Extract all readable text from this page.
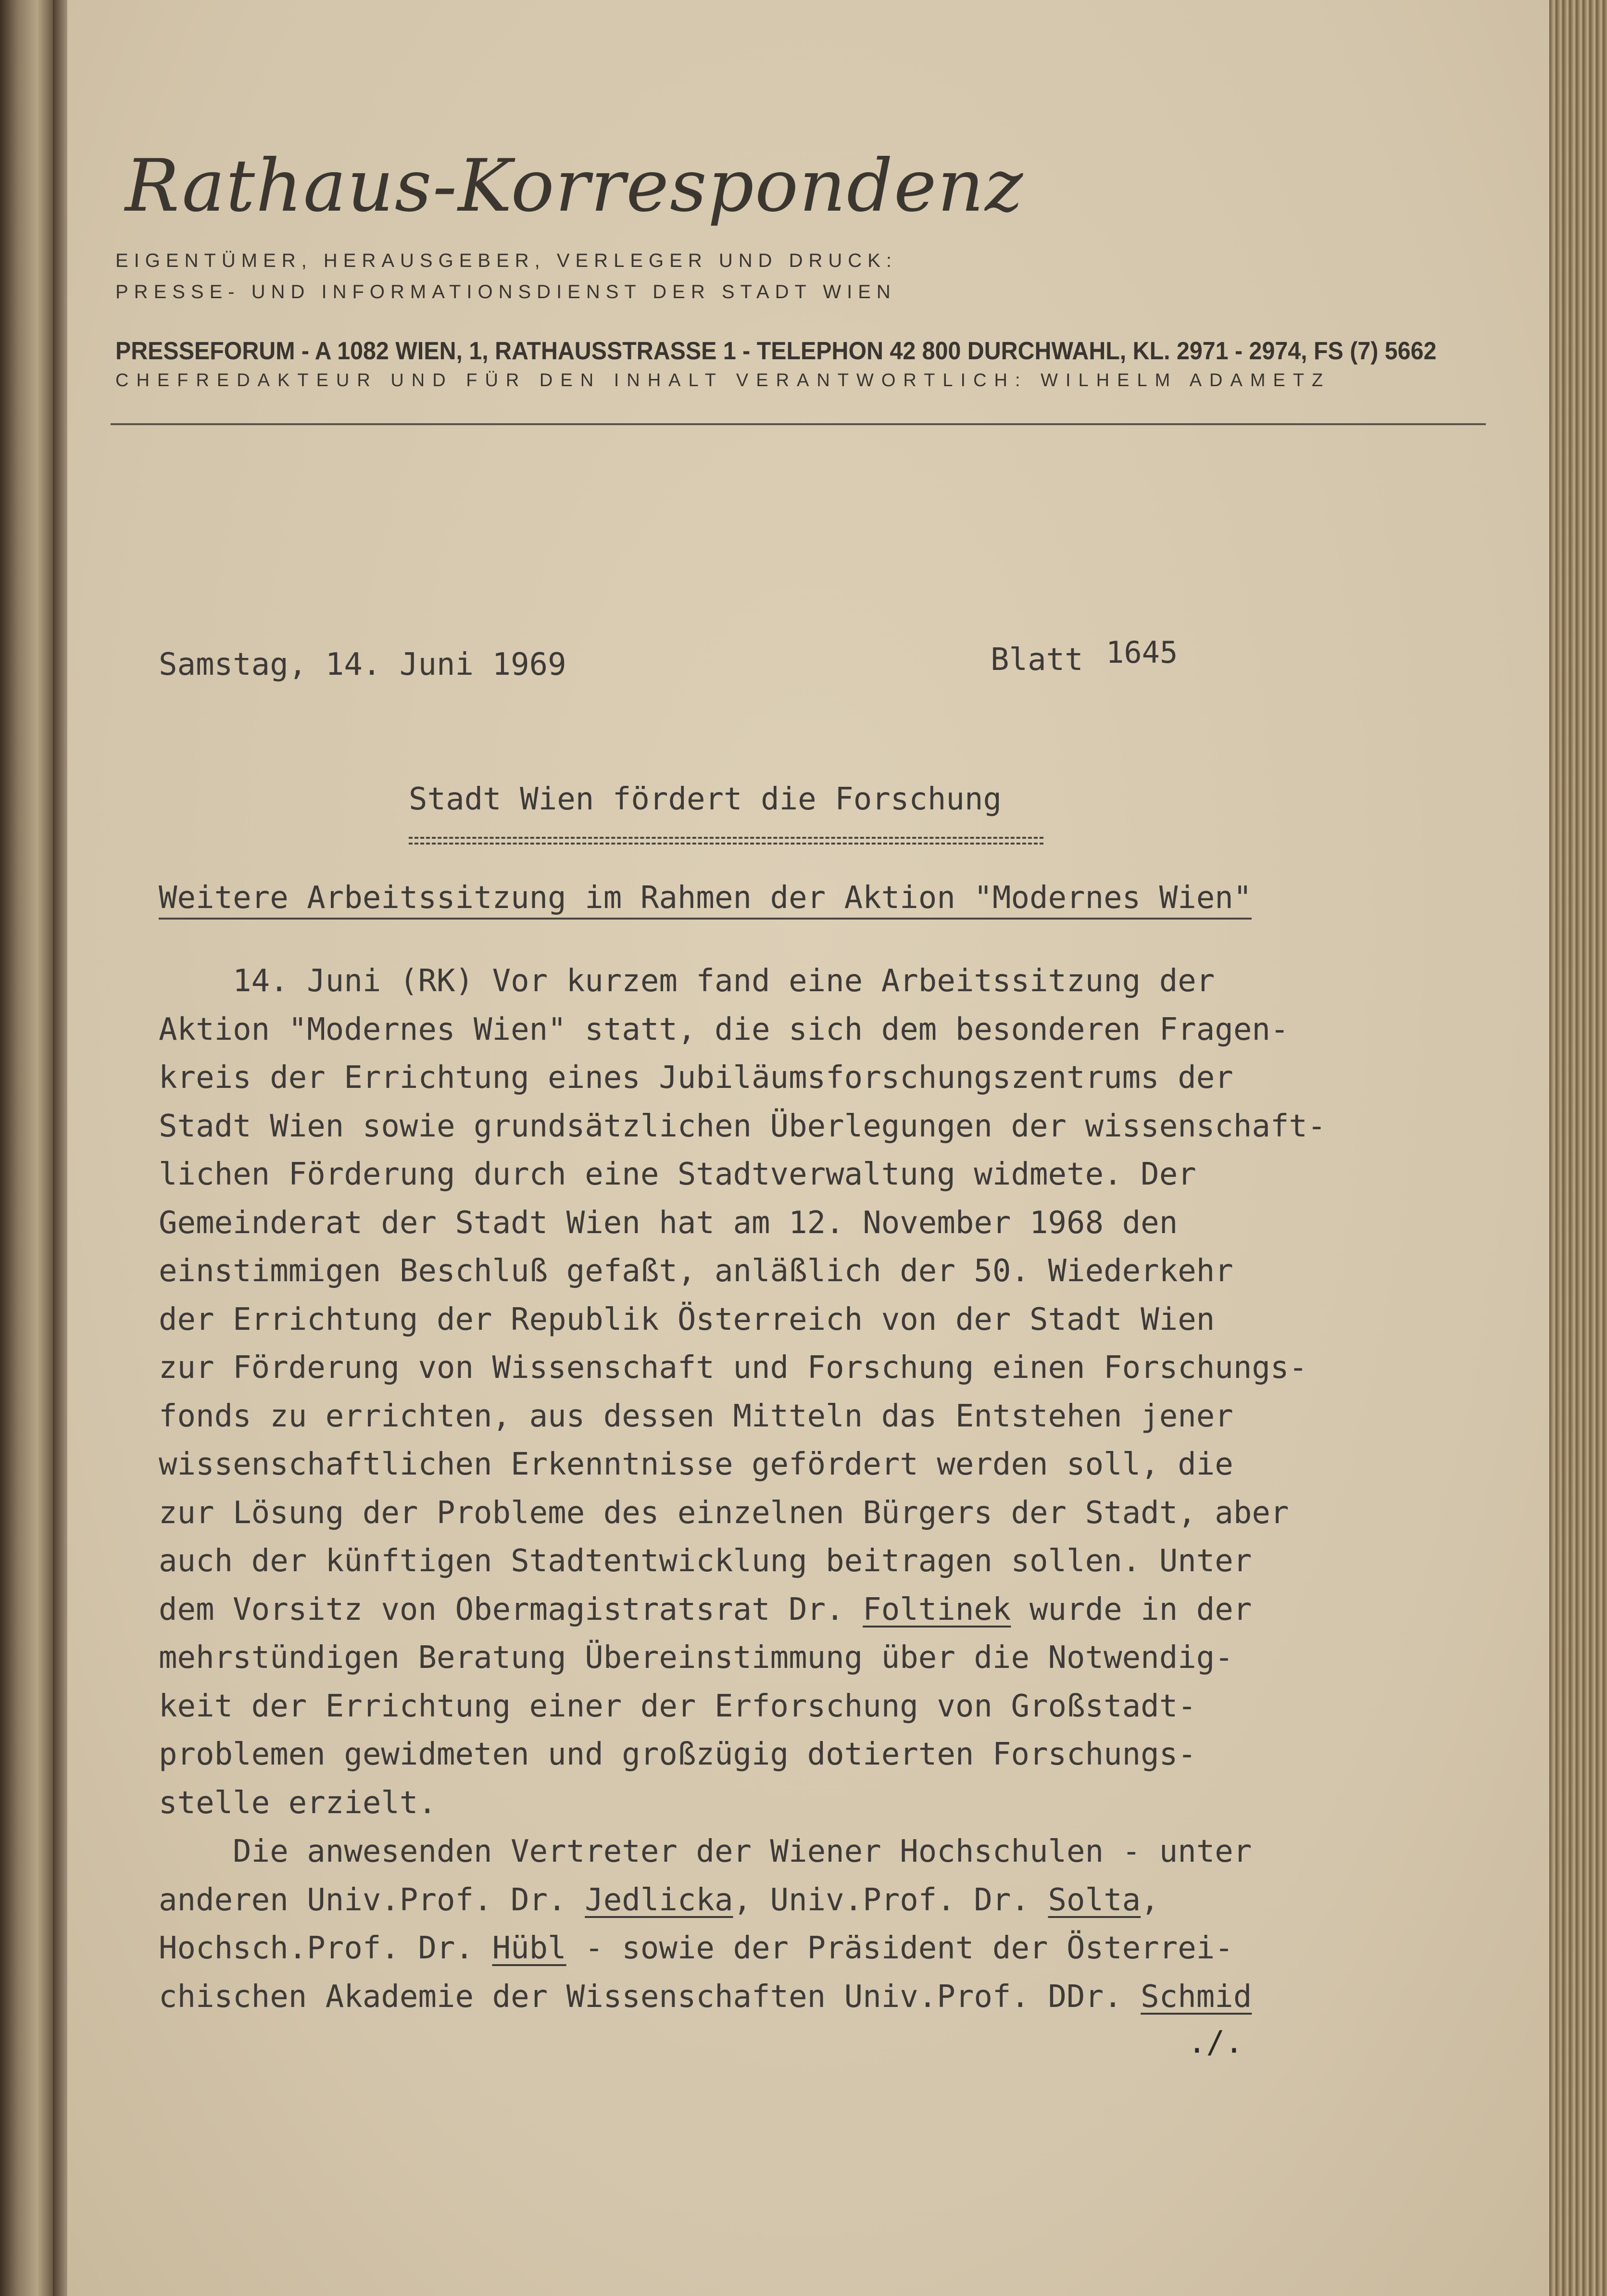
Rathaus-Korrespondenz
EIGENTÜMER, HERAUSGEBER, VERLEGER UND DRUCK:
PRESSE- UND INFORMATIONSDIENST DER STADT WIEN
PRESSEFORUM - A 1082 WIEN, 1, RATHAUSSTRASSE 1 - TELEPHON 42 800 DURCHWAHL, KL. 2971 - 2974, FS (7) 5662
CHEFREDAKTEUR UND FÜR DEN INHALT VERANTWORTLICH: WILHELM ADAMETZ
Samstag, 14. Juni 1969	Blatt 1645
Stadt Wien fördert die Forschung
Weitere Arbeitssitzung im Rahmen der Aktion "Modernes Wien"
14. Juni (RK) Vor kurzem fand eine Arbeitssitzung der
Aktion "Modernes Wien" statt, die sich dem besonderen Fragen-
kreis der Errichtung eines Jubiläumsforschungszentrums der
Stadt Wien sowie grundsätzlichen Überlegungen der wissenschaft-
lichen Förderung durch eine Stadtverwaltung widmete. Der
Gemeinderat der Stadt Wien hat am 12. November 1968 den
einstimmigen Beschluß gefaßt, anläßlich der 50. Wiederkehr
der Errichtung der Republik Österreich von der Stadt Wien
zur Förderung von Wissenschaft und Forschung einen Forschungs-
fonds zu errichten, aus dessen Mitteln das Entstehen jener
wissenschaftlichen Erkenntnisse gefördert werden soll, die
zur Lösung der Probleme des einzelnen Bürgers der Stadt, aber
auch der künftigen Stadtentwicklung beitragen sollen. Unter
dem Vorsitz von Obermagistratsrat Dr. Foltinek wurde in der
mehrstündigen Beratung Übereinstimmung über die Notwendig-
keit der Errichtung einer der Erforschung von Großstadt-
problemen gewidmeten und großzügig dotierten Forschungs-
stelle erzielt.
Die anwesenden Vertreter der Wiener Hochschulen - unter
anderen Univ.Prof. Dr. Jedlicka, Univ.Prof. Dr. Solta,
Hochsch.Prof. Dr. Hübl - sowie der Präsident der Österrei-
chischen Akademie der Wissenschaften Univ.Prof. DDr. Schmid
./.
